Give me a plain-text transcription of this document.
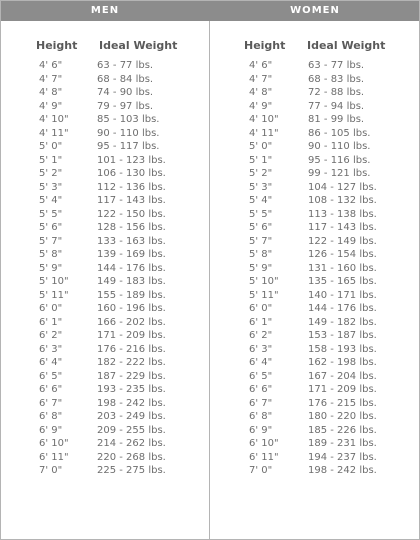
MEN	WOMEN
Height Ideal Weight	Height Ideal Weight
4' 6"	63 - 77 lbs.
4' 7"	68 - 84 lbs.
4' 8"	74 - 90 lbs.
4' 9"	79 - 97 lbs.
4' 10"	85 - 103 lbs.
4' 11"	90 - 110 lbs.
5' 0"	95 - 117 lbs.
5' 1"	101 - 123 lbs.
5' 2"	106 - 130 lbs.
5' 3"	112 - 136 lbs.
5' 4"	117 - 143 lbs.
5' 5"	122 - 150 lbs.
5' 6"	128 - 156 lbs.
5' 7"	133 - 163 lbs.
5' 8"	139 - 169 lbs.
5' 9"	144 - 176 lbs.
5' 10"	149 - 183 lbs.
5' 11"	155 - 189 lbs.
6' 0"	160 - 196 lbs.
6' 1"	166 - 202 lbs.
6' 2"	171 - 209 lbs.
6' 3"	176 - 216 lbs.
6' 4"	182 - 222 lbs.
6' 5"	187 - 229 lbs.
6' 6"	193 - 235 lbs.
6' 7"	198 - 242 lbs.
6' 8"	203 - 249 lbs.
6' 9"	209 - 255 lbs.
6' 10"	214 - 262 lbs.
6' 11"	220 - 268 lbs.
7' 0"	225 - 275 lbs.
4' 6"	63 - 77 lbs.
4' 7"	68 - 83 lbs.
4' 8"	72 - 88 lbs.
4' 9"	77 - 94 lbs.
4' 10"	81 - 99 lbs.
4' 11"	86 - 105 lbs.
5' 0"	90 - 110 lbs.
5' 1"	95 - 116 lbs.
5' 2"	99 - 121 lbs.
5' 3"	104 - 127 lbs.
5' 4"	108 - 132 lbs.
5' 5"	113 - 138 lbs.
5' 6"	117 - 143 lbs.
5' 7"	122 - 149 lbs.
5' 8"	126 - 154 lbs.
5' 9"	131 - 160 lbs.
5' 10"	135 - 165 lbs.
5' 11"	140 - 171 lbs.
6' 0"	144 - 176 lbs.
6' 1"	149 - 182 lbs.
6' 2"	153 - 187 lbs.
6' 3"	158 - 193 lbs.
6' 4"	162 - 198 lbs.
6' 5"	167 - 204 lbs.
6' 6"	171 - 209 lbs.
6' 7"	176 - 215 lbs.
6' 8"	180 - 220 lbs.
6' 9"	185 - 226 lbs.
6' 10"	189 - 231 lbs.
6' 11"	194 - 237 lbs.
7' 0"	198 - 242 lbs.
